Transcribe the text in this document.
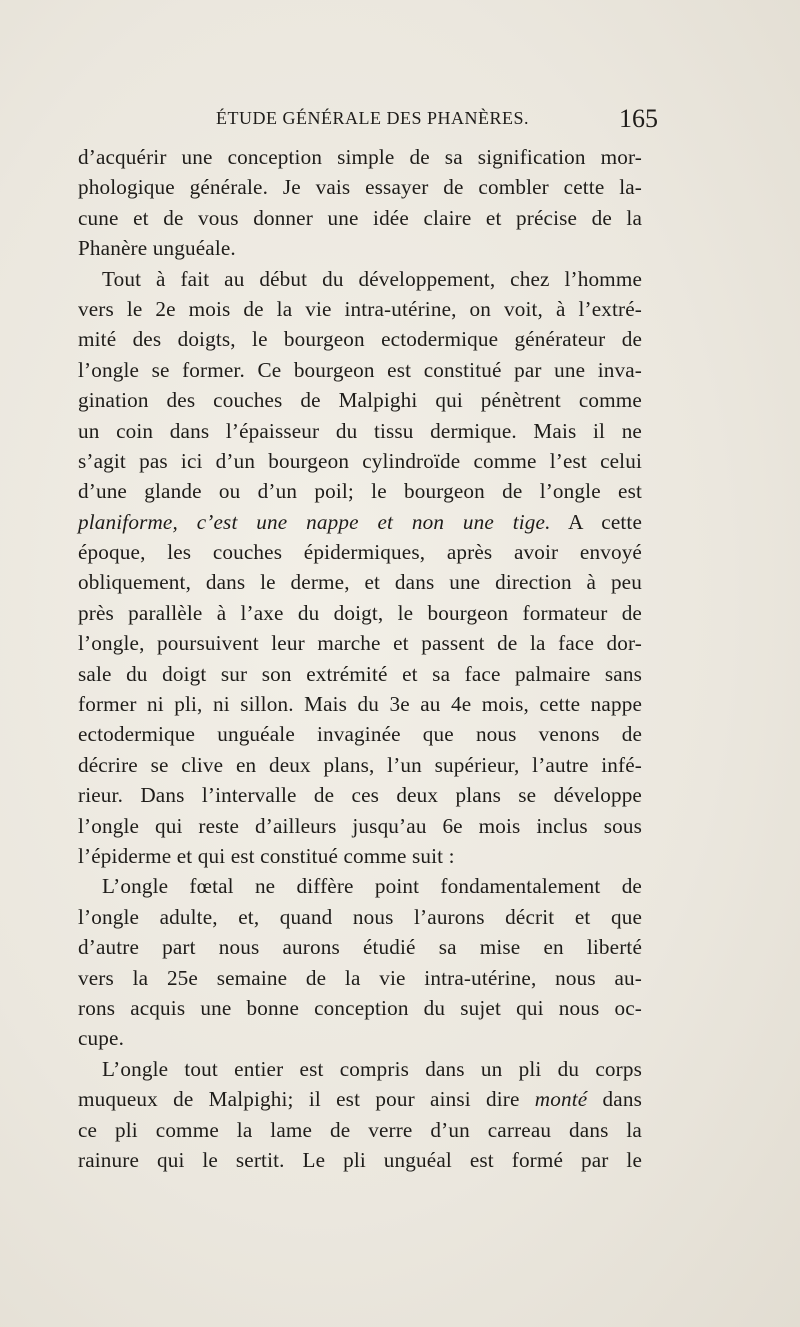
ÉTUDE GÉNÉRALE DES PHANÈRES.	165
d’acquérir une conception simple de sa signification mor-
phologique générale. Je vais essayer de combler cette la-
cune et de vous donner une idée claire et précise de la
Phanère unguéale.
Tout à fait au début du développement, chez l’homme
vers le 2e mois de la vie intra-utérine, on voit, à l’extré-
mité des doigts, le bourgeon ectodermique générateur de
l’ongle se former. Ce bourgeon est constitué par une inva-
gination des couches de Malpighi qui pénètrent comme
un coin dans l’épaisseur du tissu dermique. Mais il ne
s’agit pas ici d’un bourgeon cylindroïde comme l’est celui
d’une glande ou d’un poil; le bourgeon de l’ongle est
planiforme, c’est une nappe et non une tige. A cette
époque, les couches épidermiques, après avoir envoyé
obliquement, dans le derme, et dans une direction à peu
près parallèle à l’axe du doigt, le bourgeon formateur de
l’ongle, poursuivent leur marche et passent de la face dor-
sale du doigt sur son extrémité et sa face palmaire sans
former ni pli, ni sillon. Mais du 3e au 4e mois, cette nappe
ectodermique unguéale invaginée que nous venons de
décrire se clive en deux plans, l’un supérieur, l’autre infé-
rieur. Dans l’intervalle de ces deux plans se développe
l’ongle qui reste d’ailleurs jusqu’au 6e mois inclus sous
l’épiderme et qui est constitué comme suit :
L’ongle fœtal ne diffère point fondamentalement de
l’ongle adulte, et, quand nous l’aurons décrit et que
d’autre part nous aurons étudié sa mise en liberté
vers la 25e semaine de la vie intra-utérine, nous au-
rons acquis une bonne conception du sujet qui nous oc-
cupe.
L’ongle tout entier est compris dans un pli du corps
muqueux de Malpighi; il est pour ainsi dire monté dans
ce pli comme la lame de verre d’un carreau dans la
rainure qui le sertit. Le pli unguéal est formé par le
